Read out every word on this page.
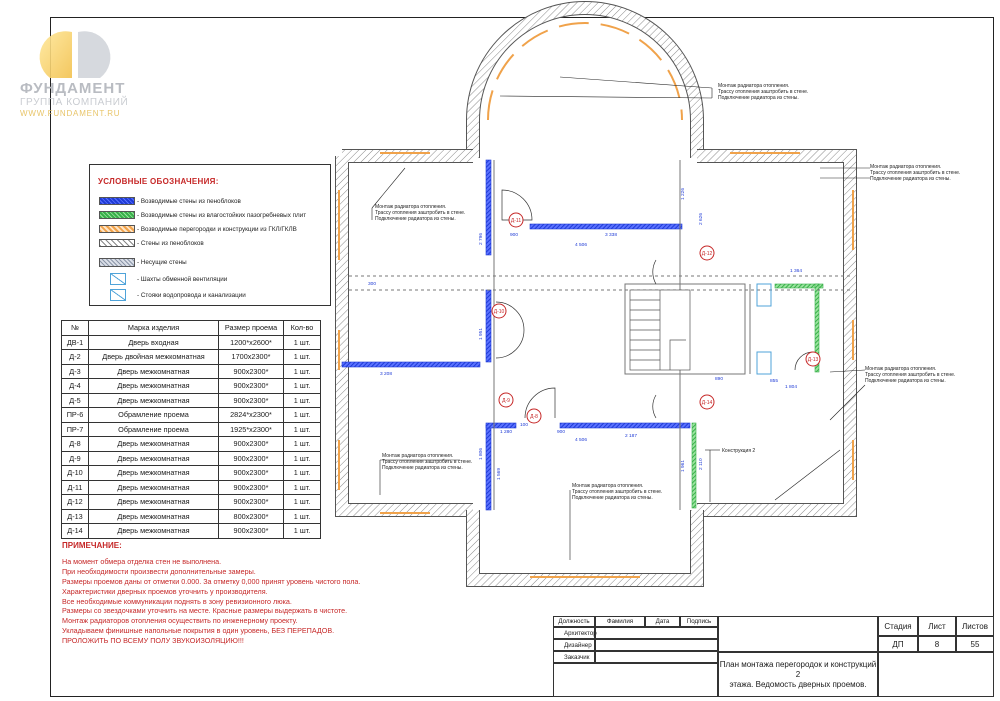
ФУНДАМЕНТ
ГРУППА КОМПАНИЙ
WWW.FUNDAMENT.RU
Д-11
Д-12
Д-10
Д-13
Д-9
Д-8
Д-14
900	3 338
4 506
3 208
2 187
1 364
1 804
855
1 280	900
4 506
890
100
300
1 226
2 796
1 951
2 626
1 806
1 961	2 110
1 569
Монтаж радиатора отопления.
Трассу отопления заштробить в стене.
Подключение радиатора из стены.
Монтаж радиатора отопления.
Трассу отопления заштробить в стене.
Подключение радиатора из стены.
Монтаж радиатора отопления.
Трассу отопления заштробить в стене.
Подключение радиатора из стены.
Монтаж радиатора отопления.
Трассу отопления заштробить в стене.
Подключение радиатора из стены.
Монтаж радиатора отопления.
Трассу отопления заштробить в стене.
Подключение радиатора из стены.
Монтаж радиатора отопления.
Трассу отопления заштробить в стене.
Подключение радиатора из стены.
Конструкция 2
УСЛОВНЫЕ ОБОЗНАЧЕНИЯ:
- Возводимые стены из пеноблоков
- Возводимые стены из влагостойких пазогребневых плит
- Возводимые перегородки и конструкции из ГКЛ/ГКЛВ
- Стены из пеноблоков
- Несущие стены
- Шахты обменной вентиляции
- Стояки водопровода и канализации
№	Марка изделия	Размер проема	Кол-во
ДВ-1	Дверь входная	1200*х2600*	1 шт.
Д-2	Дверь двойная межкомнатная	1700х2300*	1 шт.
Д-3	Дверь межкомнатная	900х2300*	1 шт.
Д-4	Дверь межкомнатная	900х2300*	1 шт.
Д-5	Дверь межкомнатная	900х2300*	1 шт.
ПР-6	Обрамление проема	2824*х2300*	1 шт.
ПР-7	Обрамление проема	1925*х2300*	1 шт.
Д-8	Дверь межкомнатная	900х2300*	1 шт.
Д-9	Дверь межкомнатная	900х2300*	1 шт.
Д-10	Дверь межкомнатная	900х2300*	1 шт.
Д-11	Дверь межкомнатная	900х2300*	1 шт.
Д-12	Дверь межкомнатная	900х2300*	1 шт.
Д-13	Дверь межкомнатная	800х2300*	1 шт.
Д-14	Дверь межкомнатная	900х2300*	1 шт.
ПРИМЕЧАНИЕ:
На момент обмера отделка стен не выполнена.
При необходимости произвести дополнительные замеры.
Размеры проемов даны от отметки 0.000. За отметку 0,000 принят уровень чистого пола.
Характеристики дверных проемов уточнить у производителя.
Все необходимые коммуникации поднять в зону ревизионного люка.
Размеры со звездочками уточнить на месте. Красные размеры выдержать в чистоте.
Монтаж радиаторов отопления осуществить по инженерному проекту.
Укладываем финишные напольные покрытия в один уровень, БЕЗ ПЕРЕПАДОВ.
ПРОЛОЖИТЬ ПО ВСЕМУ ПОЛУ ЗВУКОИЗОЛЯЦИЮ!!!
Должность	Фамилия	Дата	Подпись
Архитектор
Дизайнер
Заказчик
План монтажа перегородок и конструкций 2
этажа. Ведомость дверных проемов.
Стадия	Лист	Листов
ДП	8	55
